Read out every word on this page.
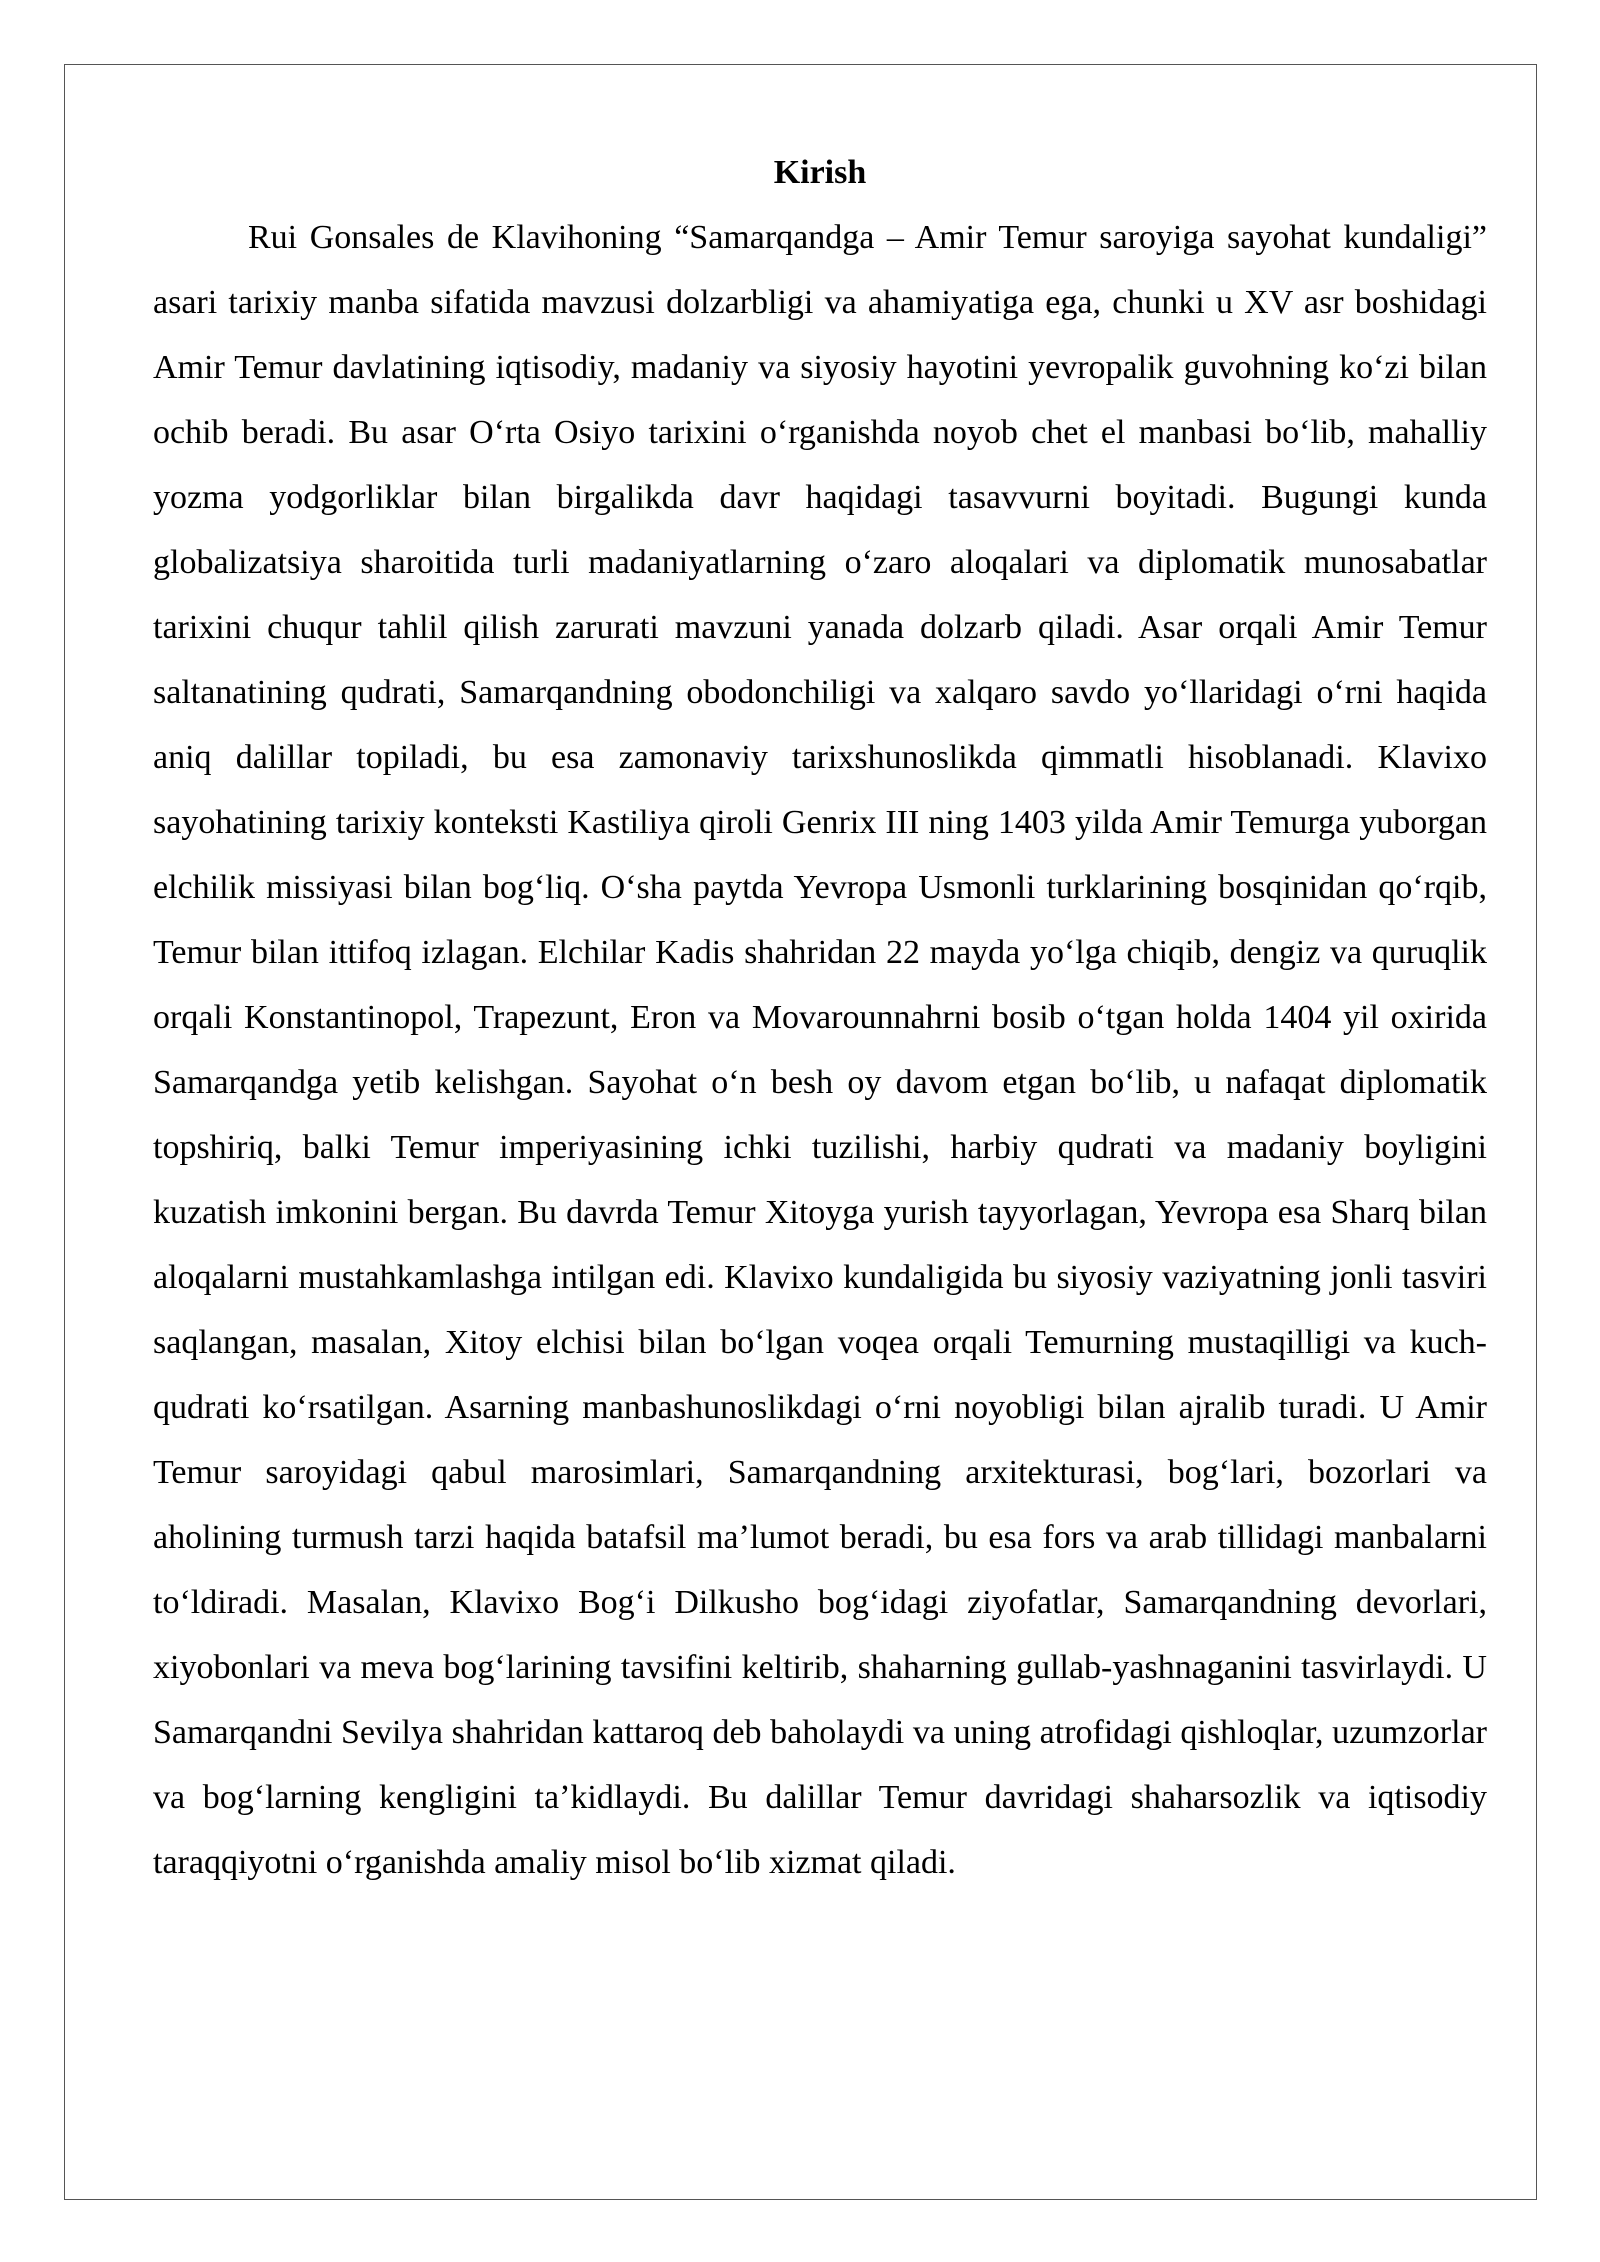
Kirish

Rui Gonsales de Klavihoning “Samarqandga – Amir Temur saroyiga sayohat kundaligi” asari tarixiy manba sifatida mavzusi dolzarbligi va ahamiyatiga ega, chunki u XV asr boshidagi Amir Temur davlatining iqtisodiy, madaniy va siyosiy hayotini yevropalik guvohning koʻzi bilan ochib beradi. Bu asar Oʻrta Osiyo tarixini oʻrganishda noyob chet el manbasi boʻlib, mahalliy yozma yodgorliklar bilan birgalikda davr haqidagi tasavvurni boyitadi. Bugungi kunda globalizatsiya sharoitida turli madaniyatlarning oʻzaro aloqalari va diplomatik munosabatlar tarixini chuqur tahlil qilish zarurati mavzuni yanada dolzarb qiladi. Asar orqali Amir Temur saltanatining qudrati, Samarqandning obodonchiligi va xalqaro savdo yoʻllaridagi oʻrni haqida aniq dalillar topiladi, bu esa zamonaviy tarixshunoslikda qimmatli hisoblanadi. Klavixo sayohatining tarixiy konteksti Kastiliya qiroli Genrix III ning 1403 yilda Amir Temurga yuborgan elchilik missiyasi bilan bogʻliq. Oʻsha paytda Yevropa Usmonli turklarining bosqinidan qoʻrqib, Temur bilan ittifoq izlagan. Elchilar Kadis shahridan 22 mayda yoʻlga chiqib, dengiz va quruqlik orqali Konstantinopol, Trapezunt, Eron va Movarounnahrni bosib oʻtgan holda 1404 yil oxirida Samarqandga yetib kelishgan. Sayohat oʻn besh oy davom etgan boʻlib, u nafaqat diplomatik topshiriq, balki Temur imperiyasining ichki tuzilishi, harbiy qudrati va madaniy boyligini kuzatish imkonini bergan. Bu davrda Temur Xitoyga yurish tayyorlagan, Yevropa esa Sharq bilan aloqalarni mustahkamlashga intilgan edi. Klavixo kundaligida bu siyosiy vaziyatning jonli tasviri saqlangan, masalan, Xitoy elchisi bilan boʻlgan voqea orqali Temurning mustaqilligi va kuch-qudrati koʻrsatilgan. Asarning manbashunoslikdagi oʻrni noyobligi bilan ajralib turadi. U Amir Temur saroyidagi qabul marosimlari, Samarqandning arxitekturasi, bogʻlari, bozorlari va aholining turmush tarzi haqida batafsil maʼlumot beradi, bu esa fors va arab tillidagi manbalarni toʻldiradi. Masalan, Klavixo Bogʻi Dilkusho bogʻidagi ziyofatlar, Samarqandning devorlari, xiyobonlari va meva bogʻlarining tavsifini keltirib, shaharning gullab-yashnaganini tasvirlaydi. U Samarqandni Sevilya shahridan kattaroq deb baholaydi va uning atrofidagi qishloqlar, uzumzorlar va bogʻlarning kengligini taʼkidlaydi. Bu dalillar Temur davridagi shaharsozlik va iqtisodiy taraqqiyotni oʻrganishda amaliy misol boʻlib xizmat qiladi.
